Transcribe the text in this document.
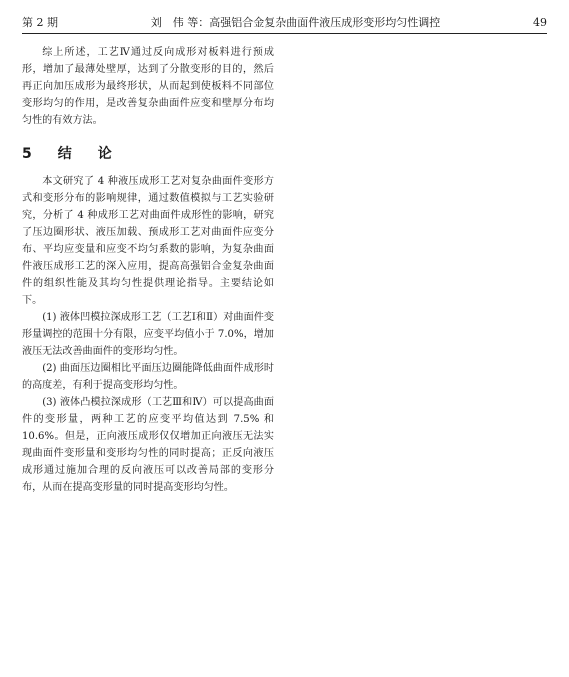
第 2 期	刘　伟 等：高强铝合金复杂曲面件液压成形变形均匀性调控	49

综上所述，工艺Ⅳ通过反向成形对板料进行预成形，增加了最薄处壁厚，达到了分散变形的目的，然后再正向加压成形为最终形状，从而起到使板料不同部位变形均匀的作用，是改善复杂曲面件应变和壁厚分布均匀性的有效方法。

5　结　论

本文研究了 4 种液压成形工艺对复杂曲面件变形方式和变形分布的影响规律，通过数值模拟与工艺实验研究，分析了 4 种成形工艺对曲面件成形性的影响，研究了压边圈形状、液压加载、预成形工艺对曲面件应变分布、平均应变量和应变不均匀系数的影响，为复杂曲面件液压成形工艺的深入应用，提高高强铝合金复杂曲面件的组织性能及其均匀性提供理论指导。主要结论如下。

(1) 液体凹模拉深成形工艺（工艺Ⅰ和Ⅱ）对曲面件变形量调控的范围十分有限，应变平均值小于 7.0%，增加液压无法改善曲面件的变形均匀性。

(2) 曲面压边圈相比平面压边圈能降低曲面件成形时的高度差，有利于提高变形均匀性。

(3) 液体凸模拉深成形（工艺Ⅲ和Ⅳ）可以提高曲面件的变形量，两种工艺的应变平均值达到 7.5% 和 10.6%。但是，正向液压成形仅仅增加正向液压无法实现曲面件变形量和变形均匀性的同时提高；正反向液压成形通过施加合理的反向液压可以改善局部的变形分布，从而在提高变形量的同时提高变形均匀性。
